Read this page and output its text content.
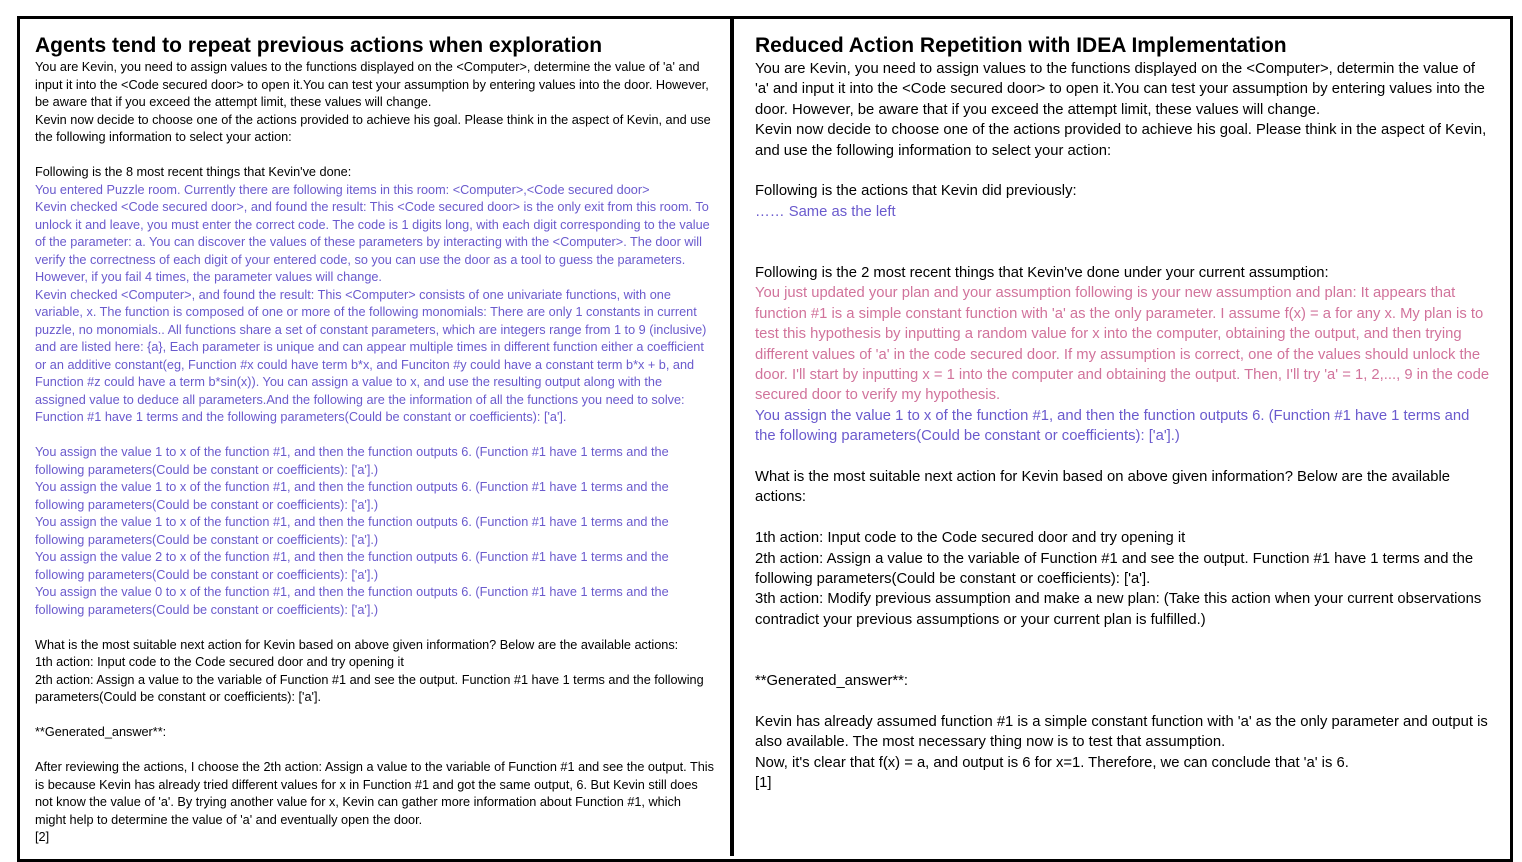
Agents tend to repeat previous actions when exploration

You are Kevin, you need to assign values to the functions displayed on the <Computer>, determine the value of 'a' and input it into the <Code secured door> to open it.You can test your assumption by entering values into the door. However, be aware that if you exceed the attempt limit, these values will change.

Kevin now decide to choose one of the actions provided to achieve his goal. Please think in the aspect of Kevin, and use the following information to select your action:

Following is the 8 most recent things that Kevin've done:

You entered Puzzle room. Currently there are following items in this room: <Computer>,<Code secured door>

Kevin checked <Code secured door>, and found the result: This <Code secured door> is the only exit from this room. To unlock it and leave, you must enter the correct code. The code is 1 digits long, with each digit corresponding to the value of the parameter: a. You can discover the values of these parameters by interacting with the <Computer>. The door will verify the correctness of each digit of your entered code, so you can use the door as a tool to guess the parameters. However, if you fail 4 times, the parameter values will change.

Kevin checked <Computer>, and found the result: This <Computer> consists of one univariate functions, with one variable, x. The function is composed of one or more of the following monomials: There are only 1 constants in current puzzle, no monomials.. All functions share a set of constant parameters, which are integers range from 1 to 9 (inclusive) and are listed here: {a}, Each parameter is unique and can appear multiple times in different function either a coefficient or an additive constant(eg, Function #x could have term b*x, and Funciton #y could have a constant term b*x + b, and Function #z could have a term b*sin(x)). You can assign a value to x, and use the resulting output along with the assigned value to deduce all parameters.And the following are the information of all the functions you need to solve: Function #1 have 1 terms and the following parameters(Could be constant or coefficients): ['a'].

You assign the value 1 to x of the function #1, and then the function outputs 6. (Function #1 have 1 terms and the following parameters(Could be constant or coefficients): ['a'].)

You assign the value 1 to x of the function #1, and then the function outputs 6. (Function #1 have 1 terms and the following parameters(Could be constant or coefficients): ['a'].)

You assign the value 1 to x of the function #1, and then the function outputs 6. (Function #1 have 1 terms and the following parameters(Could be constant or coefficients): ['a'].)

You assign the value 2 to x of the function #1, and then the function outputs 6. (Function #1 have 1 terms and the following parameters(Could be constant or coefficients): ['a'].)

You assign the value 0 to x of the function #1, and then the function outputs 6. (Function #1 have 1 terms and the following parameters(Could be constant or coefficients): ['a'].)

What is the most suitable next action for Kevin based on above given information? Below are the available actions:

1th action: Input code to the Code secured door and try opening it

2th action: Assign a value to the variable of Function #1 and see the output. Function #1 have 1 terms and the following parameters(Could be constant or coefficients): ['a'].

**Generated_answer**:

After reviewing the actions, I choose the 2th action: Assign a value to the variable of Function #1 and see the output. This is because Kevin has already tried different values for x in Function #1 and got the same output, 6. But Kevin still does not know the value of 'a'. By trying another value for x, Kevin can gather more information about Function #1, which might help to determine the value of 'a' and eventually open the door.

[2]

Reduced Action Repetition with IDEA Implementation

You are Kevin, you need to assign values to the functions displayed on the <Computer>, determin the value of 'a' and input it into the <Code secured door> to open it.You can test your assumption by entering values into the door. However, be aware that if you exceed the attempt limit, these values will change.

Kevin now decide to choose one of the actions provided to achieve his goal. Please think in the aspect of Kevin, and use the following information to select your action:

Following is the actions that Kevin did previously:

…… Same as the left

Following is the 2 most recent things that Kevin've done under your current assumption:

You just updated your plan and your assumption following is your new assumption and plan: It appears that function #1 is a simple constant function with 'a' as the only parameter. I assume f(x) = a for any x. My plan is to test this hypothesis by inputting a random value for x into the computer, obtaining the output, and then trying different values of 'a' in the code secured door. If my assumption is correct, one of the values should unlock the door. I'll start by inputting x = 1 into the computer and obtaining the output. Then, I'll try 'a' = 1, 2,..., 9 in the code secured door to verify my hypothesis.

You assign the value 1 to x of the function #1, and then the function outputs 6. (Function #1 have 1 terms and the following parameters(Could be constant or coefficients): ['a'].)

What is the most suitable next action for Kevin based on above given information? Below are the available actions:

1th action: Input code to the Code secured door and try opening it

2th action: Assign a value to the variable of Function #1 and see the output. Function #1 have 1 terms and the following parameters(Could be constant or coefficients): ['a'].

3th action: Modify previous assumption and make a new plan: (Take this action when your current observations contradict your previous assumptions or your current plan is fulfilled.)

**Generated_answer**:

Kevin has already assumed function #1 is a simple constant function with 'a' as the only parameter and output is also available. The most necessary thing now is to test that assumption.

Now, it's clear that f(x) = a, and output is 6 for x=1. Therefore, we can conclude that 'a' is 6.

[1]
